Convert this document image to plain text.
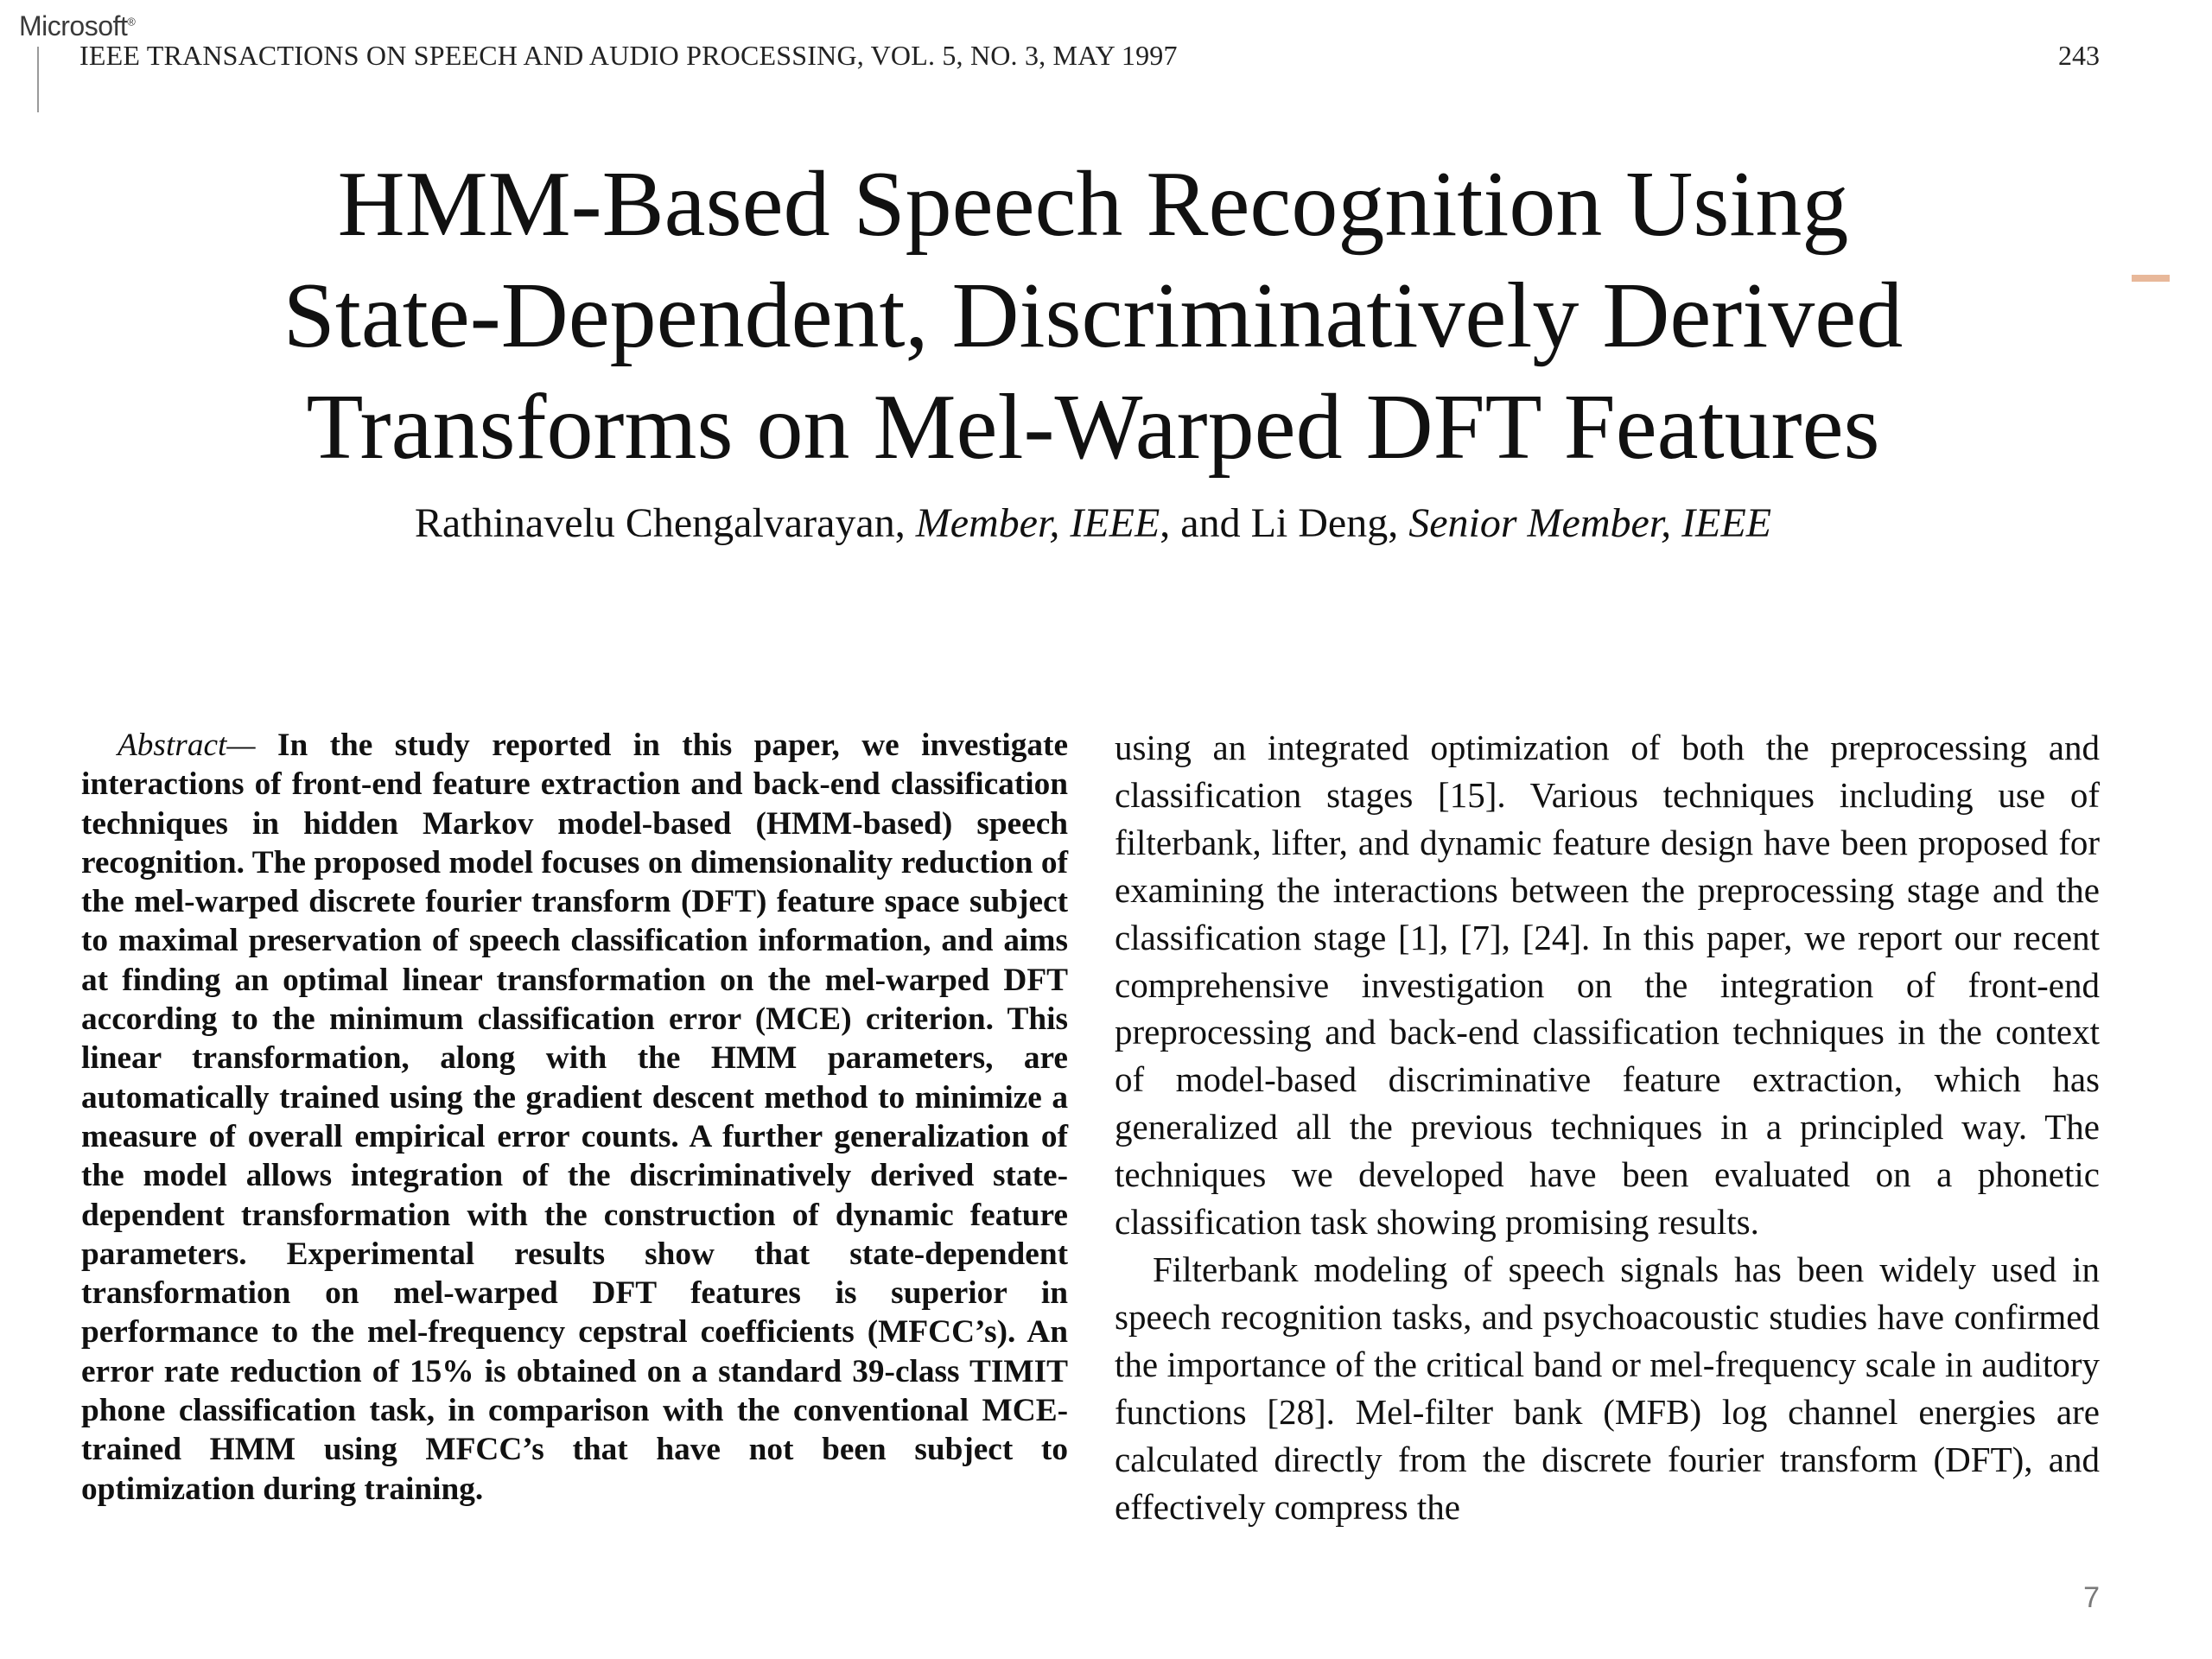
Microsoft®
IEEE TRANSACTIONS ON SPEECH AND AUDIO PROCESSING, VOL. 5, NO. 3, MAY 1997	243
HMM-Based Speech Recognition Using
State-Dependent, Discriminatively Derived
Transforms on Mel-Warped DFT Features
Rathinavelu Chengalvarayan, Member, IEEE, and Li Deng, Senior Member, IEEE

Abstract— In the study reported in this paper, we investigate interactions of front-end feature extraction and back-end classification techniques in hidden Markov model-based (HMM-based) speech recognition. The proposed model focuses on dimensionality reduction of the mel-warped discrete fourier transform (DFT) feature space subject to maximal preservation of speech classification information, and aims at finding an optimal linear transformation on the mel-warped DFT according to the minimum classification error (MCE) criterion. This linear transformation, along with the HMM parameters, are automatically trained using the gradient descent method to minimize a measure of overall empirical error counts. A further generalization of the model allows integration of the discriminatively derived state-dependent transformation with the construction of dynamic feature parameters. Experimental results show that state-dependent transformation on mel-warped DFT features is superior in performance to the mel-frequency cepstral coefficients (MFCC’s). An error rate reduction of 15% is obtained on a standard 39-class TIMIT phone classification task, in comparison with the conventional MCE-trained HMM using MFCC’s that have not been subject to optimization during training.

using an integrated optimization of both the preprocessing and classification stages [15]. Various techniques including use of filterbank, lifter, and dynamic feature design have been proposed for examining the interactions between the preprocessing stage and the classification stage [1], [7], [24]. In this paper, we report our recent comprehensive investigation on the integration of front-end preprocessing and back-end classification techniques in the context of model-based discriminative feature extraction, which has generalized all the previous techniques in a principled way. The techniques we developed have been evaluated on a phonetic classification task showing promising results.

Filterbank modeling of speech signals has been widely used in speech recognition tasks, and psychoacoustic studies have confirmed the importance of the critical band or mel-frequency scale in auditory functions [28]. Mel-filter bank (MFB) log channel energies are calculated directly from the discrete fourier transform (DFT), and effectively compress the

7
